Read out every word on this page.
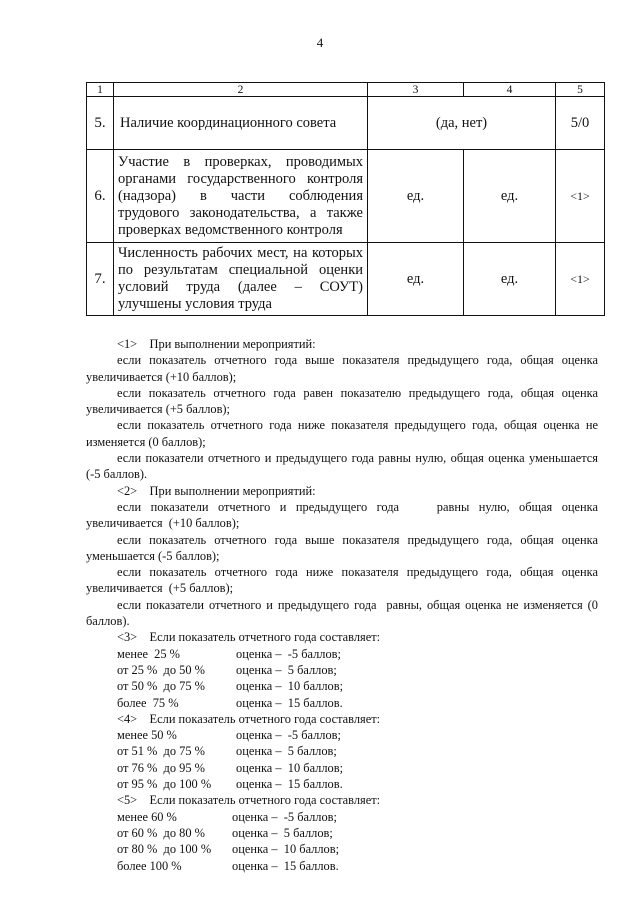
4
1	2	3	4	5
5.	Наличие координационного совета	(да, нет)		5/0
6.	Участие в проверках, проводимых органами государственного контроля (надзора) в части соблюдения трудового законодательства, а также проверках ведомственного контроля	ед.	ед.	<1>
7.	Численность рабочих мест, на которых по результатам специальной оценки условий труда (далее – СОУТ) улучшены условия труда	ед.	ед.	<1>

<1>    При выполнении мероприятий:

если показатель отчетного года выше показателя предыдущего года, общая оценка увеличивается (+10 баллов);

если показатель отчетного года равен показателю предыдущего года, общая оценка увеличивается (+5 баллов);

если показатель отчетного года ниже показателя предыдущего года, общая оценка не изменяется (0 баллов);

если показатели отчетного и предыдущего года равны нулю, общая оценка уменьшается (-5 баллов).

<2>    При выполнении мероприятий:

если показатели отчетного и предыдущего года    равны нулю, общая оценка увеличивается  (+10 баллов);

если показатель отчетного года выше показателя предыдущего года, общая оценка уменьшается (-5 баллов);

если показатель отчетного года ниже показателя предыдущего года, общая оценка увеличивается  (+5 баллов);

если показатели отчетного и предыдущего года  равны, общая оценка не изменяется (0 баллов).

<3>    Если показатель отчетного года составляет:

менее  25 %	оценка –  -5 баллов;
от 25 %  до 50 %	оценка –  5 баллов;
от 50 %  до 75 %	оценка –  10 баллов;
более  75 %	оценка –  15 баллов.

<4>    Если показатель отчетного года составляет:

менее 50 %	оценка –  -5 баллов;
от 51 %  до 75 %	оценка –  5 баллов;
от 76 %  до 95 %	оценка –  10 баллов;
от 95 %  до 100 % оценка –  15 баллов.

<5>    Если показатель отчетного года составляет:

менее 60 %	оценка –  -5 баллов;
от 60 %  до 80 % оценка –  5 баллов;
от 80 %  до 100 % оценка –  10 баллов;
более 100 %	оценка –  15 баллов.
